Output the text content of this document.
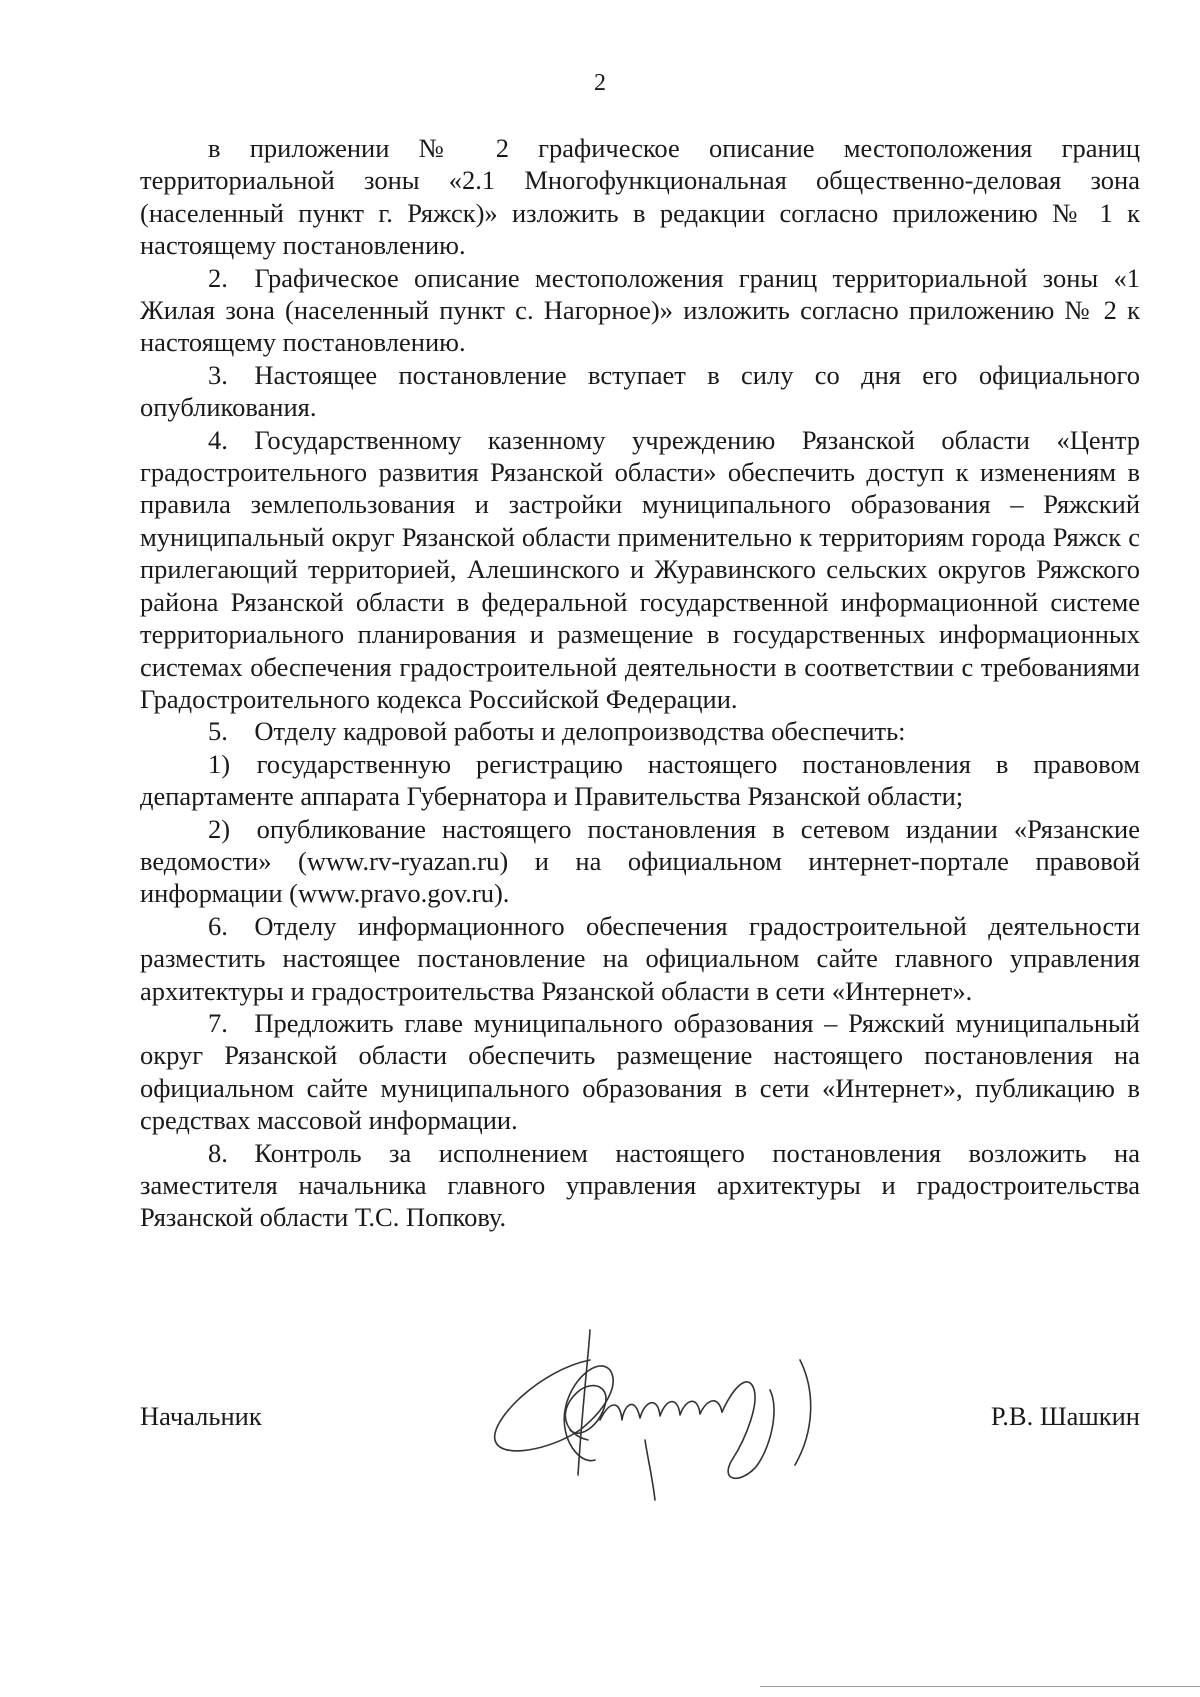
2

в приложении № 2 графическое описание местоположения границ территориальной зоны «2.1 Многофункциональная общественно-деловая зона (населенный пункт г. Ряжск)» изложить в редакции согласно приложению № 1 к настоящему постановлению.

2. Графическое описание местоположения границ территориальной зоны «1 Жилая зона (населенный пункт с. Нагорное)» изложить согласно приложению № 2 к настоящему постановлению.

3. Настоящее постановление вступает в силу со дня его официального опубликования.

4. Государственному казенному учреждению Рязанской области «Центр градостроительного развития Рязанской области» обеспечить доступ к изменениям в правила землепользования и застройки муниципального образования – Ряжский муниципальный округ Рязанской области применительно к территориям города Ряжск с прилегающий территорией, Алешинского и Журавинского сельских округов Ряжского района Рязанской области в федеральной государственной информационной системе территориального планирования и размещение в государственных информационных системах обеспечения градостроительной деятельности в соответствии с требованиями Градостроительного кодекса Российской Федерации.

5. Отделу кадровой работы и делопроизводства обеспечить:

1) государственную регистрацию настоящего постановления в правовом департаменте аппарата Губернатора и Правительства Рязанской области;

2) опубликование настоящего постановления в сетевом издании «Рязанские ведомости» (www.rv-ryazan.ru) и на официальном интернет-портале правовой информации (www.pravo.gov.ru).

6. Отделу информационного обеспечения градостроительной деятельности разместить настоящее постановление на официальном сайте главного управления архитектуры и градостроительства Рязанской области в сети «Интернет».

7. Предложить главе муниципального образования – Ряжский муниципальный округ Рязанской области обеспечить размещение настоящего постановления на официальном сайте муниципального образования в сети «Интернет», публикацию в средствах массовой информации.

8. Контроль за исполнением настоящего постановления возложить на заместителя начальника главного управления архитектуры и градостроительства Рязанской области Т.С. Попкову.

Начальник	Р.В. Шашкин
